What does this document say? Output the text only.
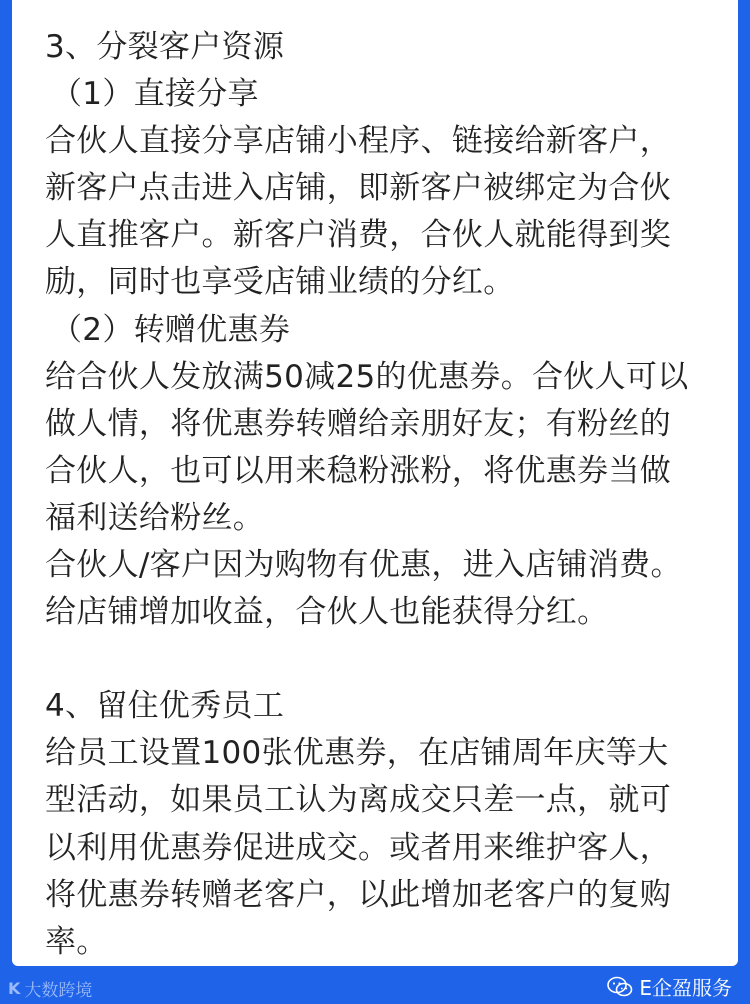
3、分裂客户资源

（1）直接分享

合伙人直接分享店铺小程序、链接给新客户，

新客户点击进入店铺，即新客户被绑定为合伙

人直推客户。新客户消费，合伙人就能得到奖

励，同时也享受店铺业绩的分红。

（2）转赠优惠券

给合伙人发放满50减25的优惠券。合伙人可以

做人情，将优惠券转赠给亲朋好友；有粉丝的

合伙人，也可以用来稳粉涨粉，将优惠券当做

福利送给粉丝。

合伙人/客户因为购物有优惠，进入店铺消费。

给店铺增加收益，合伙人也能获得分红。

4、留住优秀员工

给员工设置100张优惠券，在店铺周年庆等大

型活动，如果员工认为离成交只差一点，就可

以利用优惠券促进成交。或者用来维护客人，

将优惠券转赠老客户，以此增加老客户的复购

率。

K 大数跨境	E企盈服务
